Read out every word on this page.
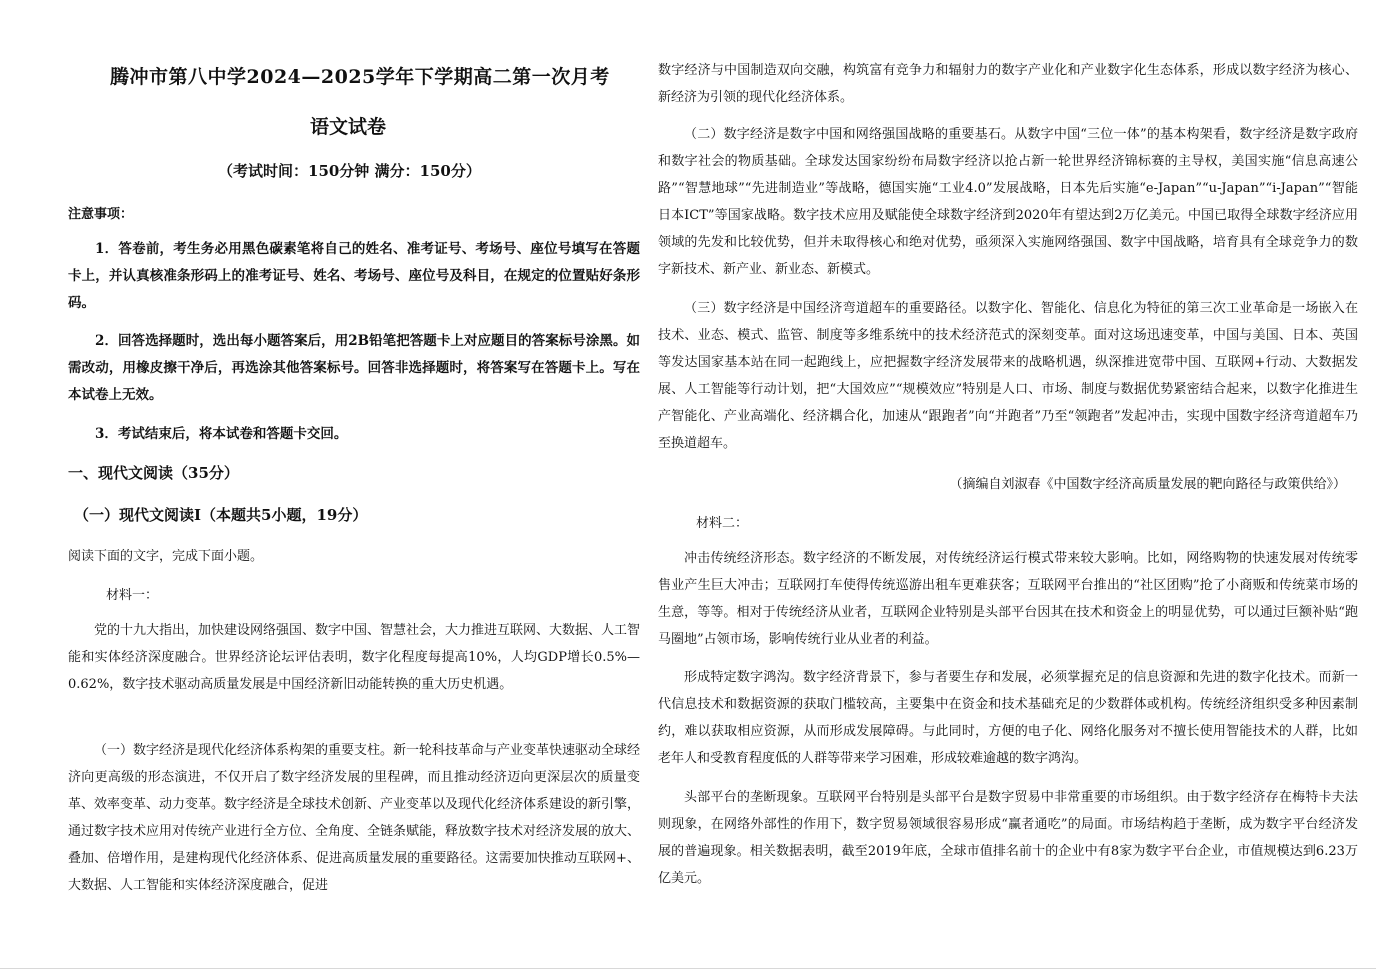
腾冲市第八中学2024—2025学年下学期高二第一次月考
语文试卷
（考试时间：150分钟 满分：150分）
注意事项：
1．答卷前，考生务必用黑色碳素笔将自己的姓名、准考证号、考场号、座位号填写在答题卡上，并认真核准条形码上的准考证号、姓名、考场号、座位号及科目，在规定的位置贴好条形码。
2．回答选择题时，选出每小题答案后，用2B铅笔把答题卡上对应题目的答案标号涂黑。如需改动，用橡皮擦干净后，再选涂其他答案标号。回答非选择题时，将答案写在答题卡上。写在本试卷上无效。
3．考试结束后，将本试卷和答题卡交回。
一、现代文阅读（35分）
（一）现代文阅读Ⅰ（本题共5小题，19分）
阅读下面的文字，完成下面小题。
材料一：
党的十九大指出，加快建设网络强国、数字中国、智慧社会，大力推进互联网、大数据、人工智能和实体经济深度融合。世界经济论坛评估表明，数字化程度每提高10%，人均GDP增长0.5%—0.62%，数字技术驱动高质量发展是中国经济新旧动能转换的重大历史机遇。
（一）数字经济是现代化经济体系构架的重要支柱。新一轮科技革命与产业变革快速驱动全球经济向更高级的形态演进，不仅开启了数字经济发展的里程碑，而且推动经济迈向更深层次的质量变革、效率变革、动力变革。数字经济是全球技术创新、产业变革以及现代化经济体系建设的新引擎，通过数字技术应用对传统产业进行全方位、全角度、全链条赋能，释放数字技术对经济发展的放大、叠加、倍增作用，是建构现代化经济体系、促进高质量发展的重要路径。这需要加快推动互联网+、大数据、人工智能和实体经济深度融合，促进
数字经济与中国制造双向交融，构筑富有竞争力和辐射力的数字产业化和产业数字化生态体系，形成以数字经济为核心、新经济为引领的现代化经济体系。
（二）数字经济是数字中国和网络强国战略的重要基石。从数字中国“三位一体”的基本构架看，数字经济是数字政府和数字社会的物质基础。全球发达国家纷纷布局数字经济以抢占新一轮世界经济锦标赛的主导权，美国实施“信息高速公路”“智慧地球”“先进制造业”等战略，德国实施“工业4.0”发展战略，日本先后实施“e-Japan”“u-Japan”“i-Japan”“智能日本ICT”等国家战略。数字技术应用及赋能使全球数字经济到2020年有望达到2万亿美元。中国已取得全球数字经济应用领域的先发和比较优势，但并未取得核心和绝对优势，亟须深入实施网络强国、数字中国战略，培育具有全球竞争力的数字新技术、新产业、新业态、新模式。
（三）数字经济是中国经济弯道超车的重要路径。以数字化、智能化、信息化为特征的第三次工业革命是一场嵌入在技术、业态、模式、监管、制度等多维系统中的技术经济范式的深刻变革。面对这场迅速变革，中国与美国、日本、英国等发达国家基本站在同一起跑线上，应把握数字经济发展带来的战略机遇，纵深推进宽带中国、互联网+行动、大数据发展、人工智能等行动计划，把“大国效应”“规模效应”特别是人口、市场、制度与数据优势紧密结合起来，以数字化推进生产智能化、产业高端化、经济耦合化，加速从“跟跑者”向“并跑者”乃至“领跑者”发起冲击，实现中国数字经济弯道超车乃至换道超车。
（摘编自刘淑春《中国数字经济高质量发展的靶向路径与政策供给》）
材料二：
冲击传统经济形态。数字经济的不断发展，对传统经济运行模式带来较大影响。比如，网络购物的快速发展对传统零售业产生巨大冲击；互联网打车使得传统巡游出租车更难获客；互联网平台推出的“社区团购”抢了小商贩和传统菜市场的生意，等等。相对于传统经济从业者，互联网企业特别是头部平台因其在技术和资金上的明显优势，可以通过巨额补贴“跑马圈地”占领市场，影响传统行业从业者的利益。
形成特定数字鸿沟。数字经济背景下，参与者要生存和发展，必须掌握充足的信息资源和先进的数字化技术。而新一代信息技术和数据资源的获取门槛较高，主要集中在资金和技术基础充足的少数群体或机构。传统经济组织受多种因素制约，难以获取相应资源，从而形成发展障碍。与此同时，方便的电子化、网络化服务对不擅长使用智能技术的人群，比如老年人和受教育程度低的人群等带来学习困难，形成较难逾越的数字鸿沟。
头部平台的垄断现象。互联网平台特别是头部平台是数字贸易中非常重要的市场组织。由于数字经济存在梅特卡夫法则现象，在网络外部性的作用下，数字贸易领域很容易形成“赢者通吃”的局面。市场结构趋于垄断，成为数字平台经济发展的普遍现象。相关数据表明，截至2019年底，全球市值排名前十的企业中有8家为数字平台企业，市值规模达到6.23万亿美元。
